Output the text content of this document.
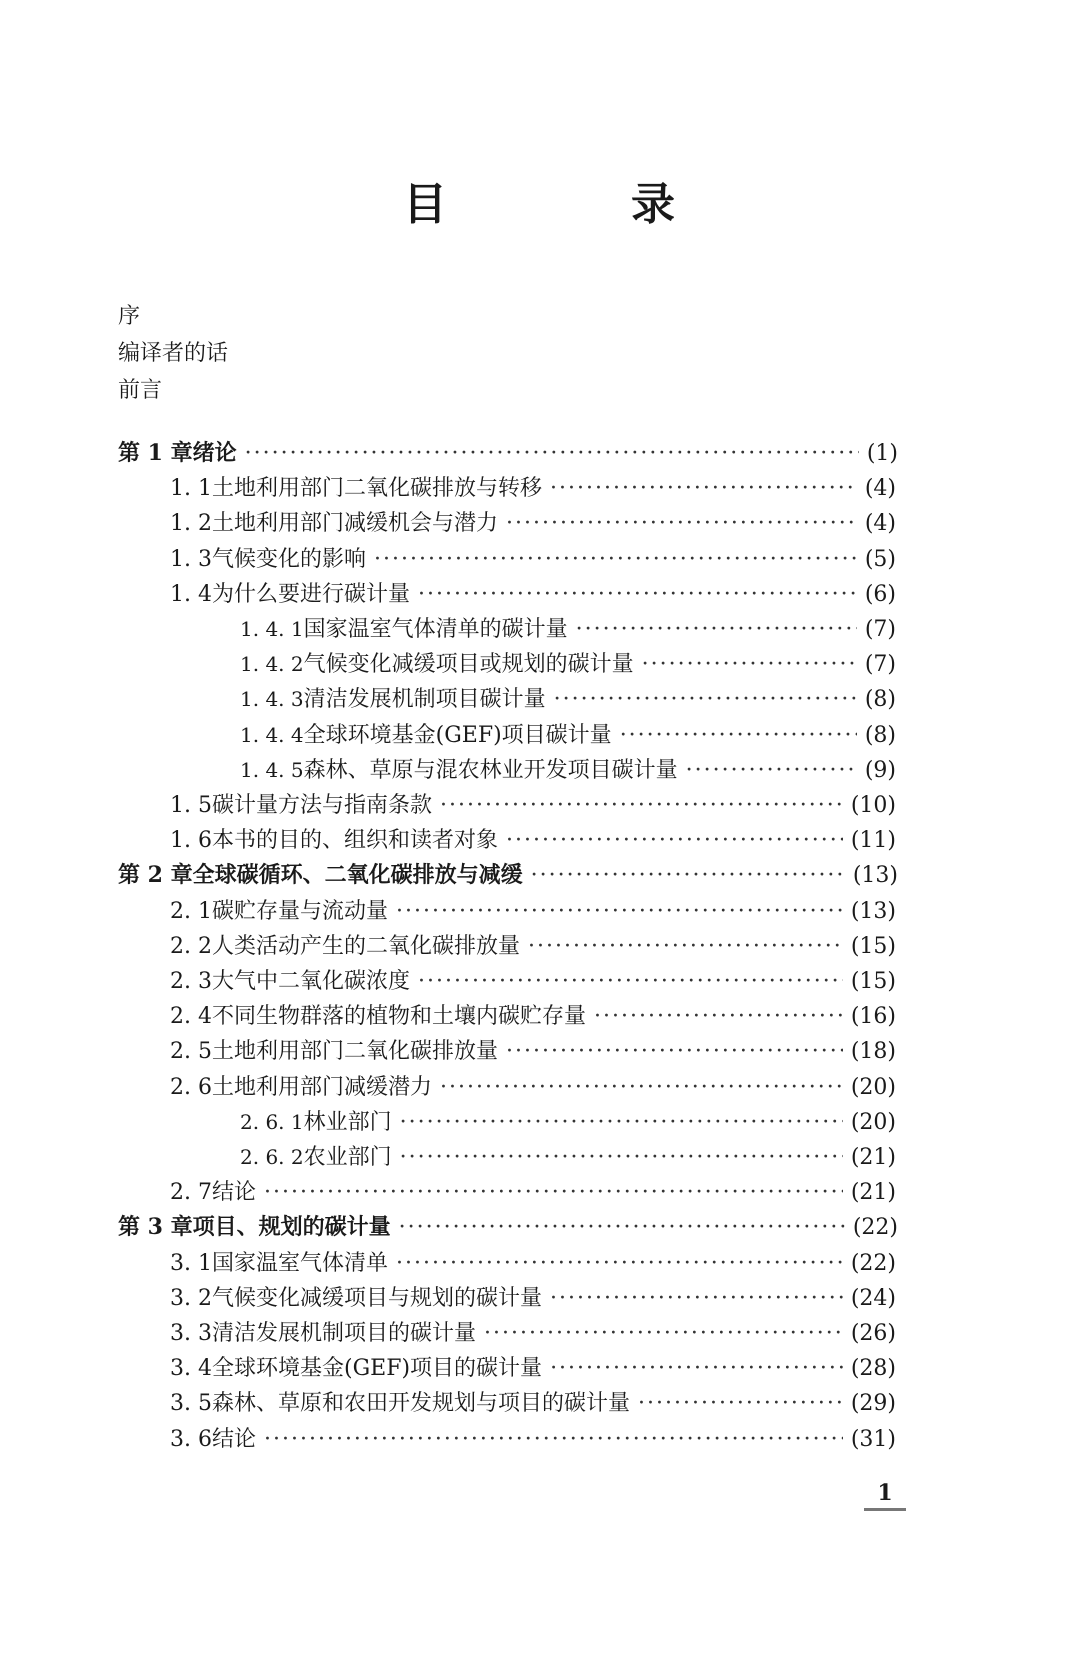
目　录
序
编译者的话
前言
第 1 章 绪论 ·····	(1)
1. 1 土地利用部门二氧化碳排放与转移 ·····	(4)
1. 2 土地利用部门减缓机会与潜力 ·····	(4)
1. 3 气候变化的影响 ·····	(5)
1. 4 为什么要进行碳计量 ·····	(6)
1. 4. 1 国家温室气体清单的碳计量 ·····	(7)
1. 4. 2 气候变化减缓项目或规划的碳计量 ·····	(7)
1. 4. 3 清洁发展机制项目碳计量 ·····	(8)
1. 4. 4 全球环境基金(GEF)项目碳计量 ·····	(8)
1. 4. 5 森林、草原与混农林业开发项目碳计量 ·····	(9)
1. 5 碳计量方法与指南条款 ·····	(10)
1. 6 本书的目的、组织和读者对象 ·····	(11)
第 2 章 全球碳循环、二氧化碳排放与减缓 ·····	(13)
2. 1 碳贮存量与流动量 ·····	(13)
2. 2 人类活动产生的二氧化碳排放量 ·····	(15)
2. 3 大气中二氧化碳浓度 ·····	(15)
2. 4 不同生物群落的植物和土壤内碳贮存量 ·····	(16)
2. 5 土地利用部门二氧化碳排放量 ·····	(18)
2. 6 土地利用部门减缓潜力 ·····	(20)
2. 6. 1 林业部门 ·····	(20)
2. 6. 2 农业部门 ·····	(21)
2. 7 结论 ·····	(21)
第 3 章 项目、规划的碳计量 ·····	(22)
3. 1 国家温室气体清单 ·····	(22)
3. 2 气候变化减缓项目与规划的碳计量 ·····	(24)
3. 3 清洁发展机制项目的碳计量 ·····	(26)
3. 4 全球环境基金(GEF)项目的碳计量 ·····	(28)
3. 5 森林、草原和农田开发规划与项目的碳计量 ·····	(29)
3. 6 结论 ·····	(31)
1
